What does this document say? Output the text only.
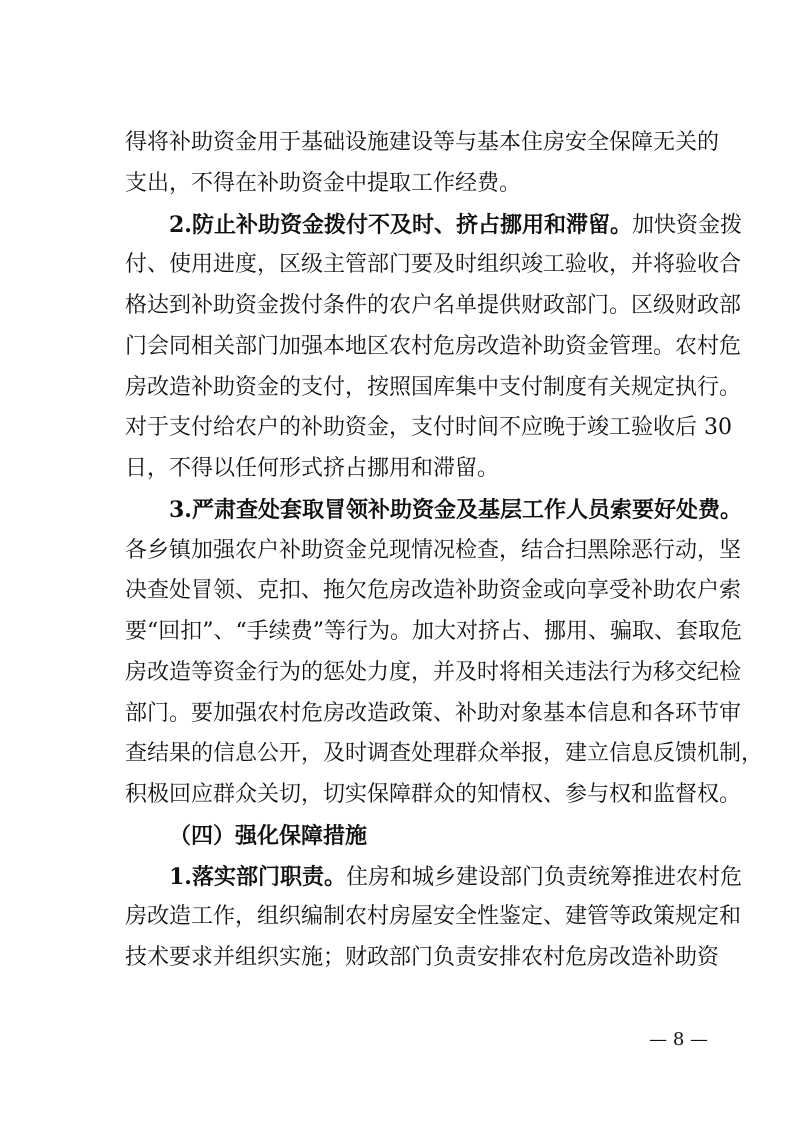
得将补助资金用于基础设施建设等与基本住房安全保障无关的
支出，不得在补助资金中提取工作经费。
2.防止补助资金拨付不及时、挤占挪用和滞留。加快资金拨
付、使用进度，区级主管部门要及时组织竣工验收，并将验收合
格达到补助资金拨付条件的农户名单提供财政部门。区级财政部
门会同相关部门加强本地区农村危房改造补助资金管理。农村危
房改造补助资金的支付，按照国库集中支付制度有关规定执行。
对于支付给农户的补助资金，支付时间不应晚于竣工验收后 30
日，不得以任何形式挤占挪用和滞留。
3.严肃查处套取冒领补助资金及基层工作人员索要好处费。
各乡镇加强农户补助资金兑现情况检查，结合扫黑除恶行动，坚
决查处冒领、克扣、拖欠危房改造补助资金或向享受补助农户索
要“回扣”、“手续费”等行为。加大对挤占、挪用、骗取、套取危
房改造等资金行为的惩处力度，并及时将相关违法行为移交纪检
部门。要加强农村危房改造政策、补助对象基本信息和各环节审
查结果的信息公开，及时调查处理群众举报，建立信息反馈机制，
积极回应群众关切，切实保障群众的知情权、参与权和监督权。
（四）强化保障措施
1.落实部门职责。住房和城乡建设部门负责统筹推进农村危
房改造工作，组织编制农村房屋安全性鉴定、建管等政策规定和
技术要求并组织实施；财政部门负责安排农村危房改造补助资
— 8 —
